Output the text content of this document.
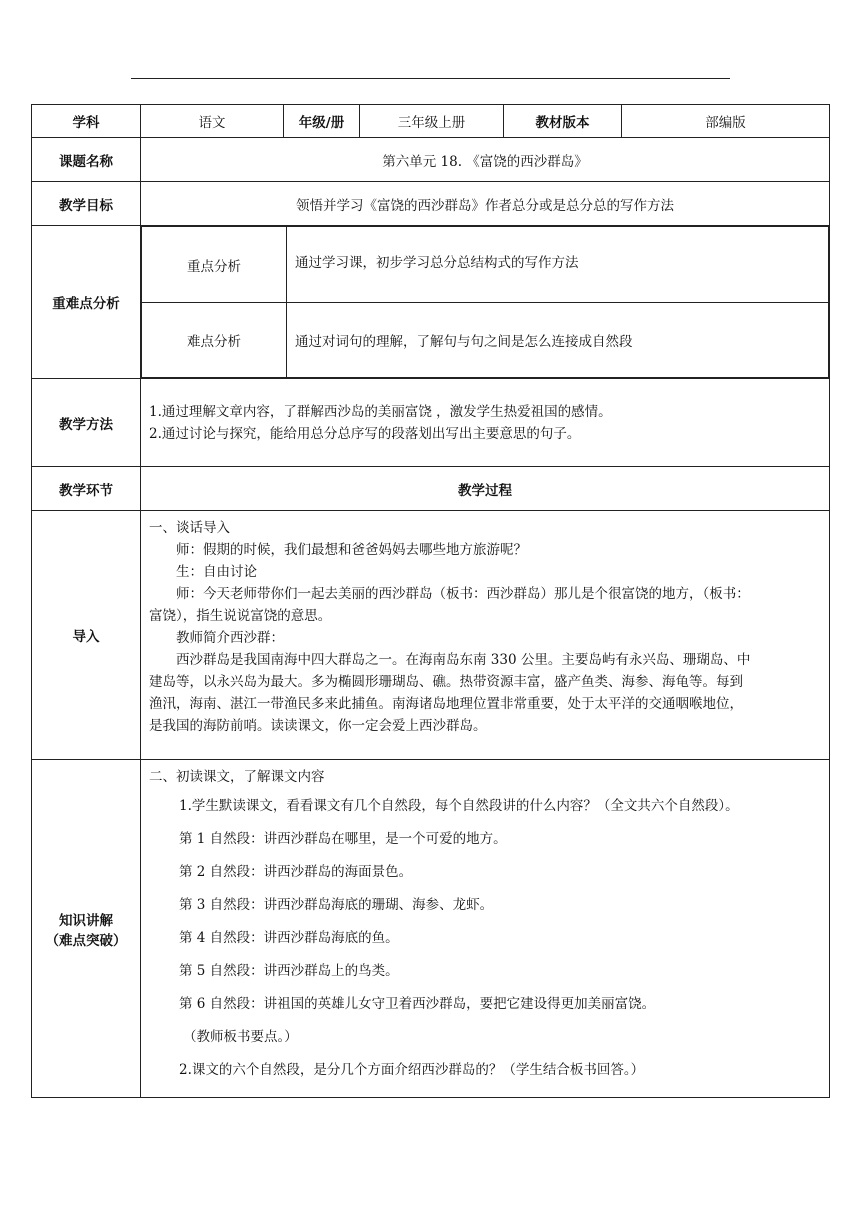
学科	语文	年级/册	三年级上册	教材版本	部编版
课题名称	第六单元 18. 《富饶的西沙群岛》
教学目标	领悟并学习《富饶的西沙群岛》作者总分或是总分总的写作方法
重难点分析	
重点分析	通过学习课，初步学习总分总结构式的写作方法
难点分析	通过对词句的理解，了解句与句之间是怎么连接成自然段

教学方法	
1.通过理解文章内容，了群解西沙岛的美丽富饶 ，激发学生热爱祖国的感情。
2.通过讨论与探究，能给用总分总序写的段落划出写出主要意思的句子。

教学环节	教学过程
导入	
一、谈话导入
师：假期的时候，我们最想和爸爸妈妈去哪些地方旅游呢？
生：自由讨论
师：今天老师带你们一起去美丽的西沙群岛（板书：西沙群岛）那儿是个很富饶的地方，（板书：
富饶），指生说说富饶的意思。
教师简介西沙群：
西沙群岛是我国南海中四大群岛之一。在海南岛东南 330 公里。主要岛屿有永兴岛、珊瑚岛、中
建岛等，以永兴岛为最大。多为椭圆形珊瑚岛、礁。热带资源丰富，盛产鱼类、海参、海龟等。每到
渔汛，海南、湛江一带渔民多来此捕鱼。南海诸岛地理位置非常重要，处于太平洋的交通咽喉地位，
是我国的海防前哨。读读课文，你一定会爱上西沙群岛。

知识讲解
（难点突破）

二、初读课文，了解课文内容
1.学生默读课文，看看课文有几个自然段，每个自然段讲的什么内容？（全文共六个自然段）。
第 1 自然段：讲西沙群岛在哪里，是一个可爱的地方。
第 2 自然段：讲西沙群岛的海面景色。
第 3 自然段：讲西沙群岛海底的珊瑚、海参、龙虾。
第 4 自然段：讲西沙群岛海底的鱼。
第 5 自然段：讲西沙群岛上的鸟类。
第 6 自然段：讲祖国的英雄儿女守卫着西沙群岛，要把它建设得更加美丽富饶。
（教师板书要点。）
2.课文的六个自然段，是分几个方面介绍西沙群岛的？（学生结合板书回答。）
